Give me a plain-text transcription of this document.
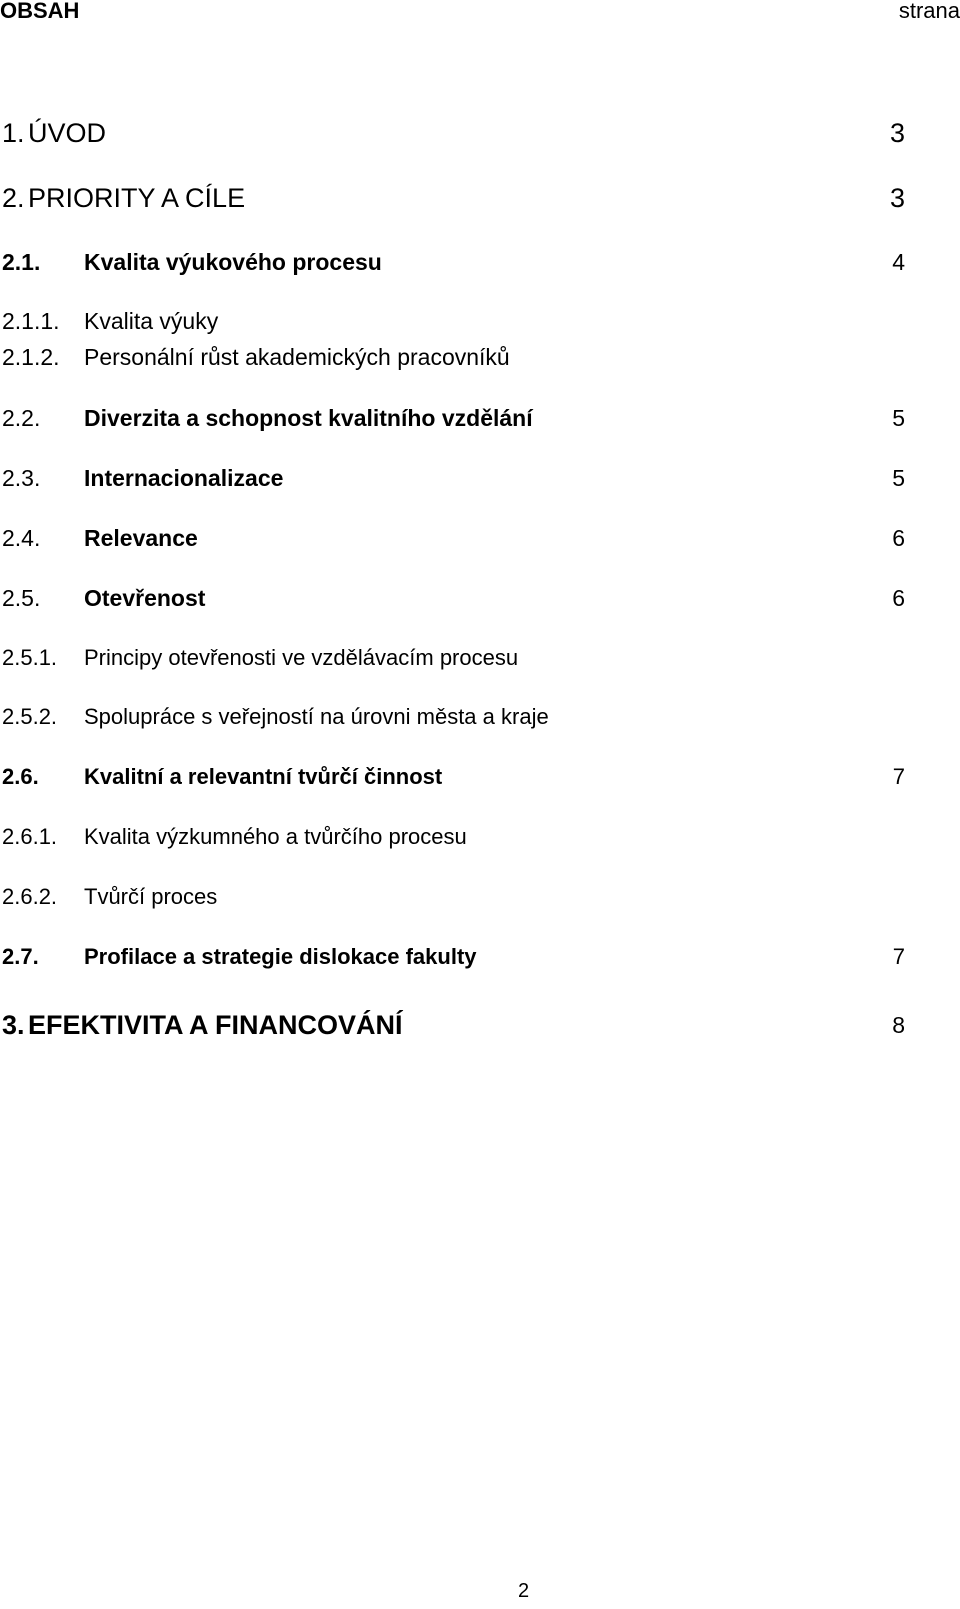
OBSAH	strana
1. ÚVOD	3
2. PRIORITY A CÍLE	3
2.1. Kvalita výukového procesu	4
2.1.1. Kvalita výuky
2.1.2. Personální růst akademických pracovníků
2.2. Diverzita a schopnost kvalitního vzdělání	5
2.3. Internacionalizace	5
2.4. Relevance	6
2.5. Otevřenost	6
2.5.1. Principy otevřenosti ve vzdělávacím procesu
2.5.2. Spolupráce s veřejností na úrovni města a kraje
2.6. Kvalitní a relevantní tvůrčí činnost	7
2.6.1. Kvalita výzkumného a tvůrčího procesu
2.6.2. Tvůrčí proces
2.7. Profilace a strategie dislokace fakulty	7
3. EFEKTIVITA A FINANCOVÁNÍ	8
2
